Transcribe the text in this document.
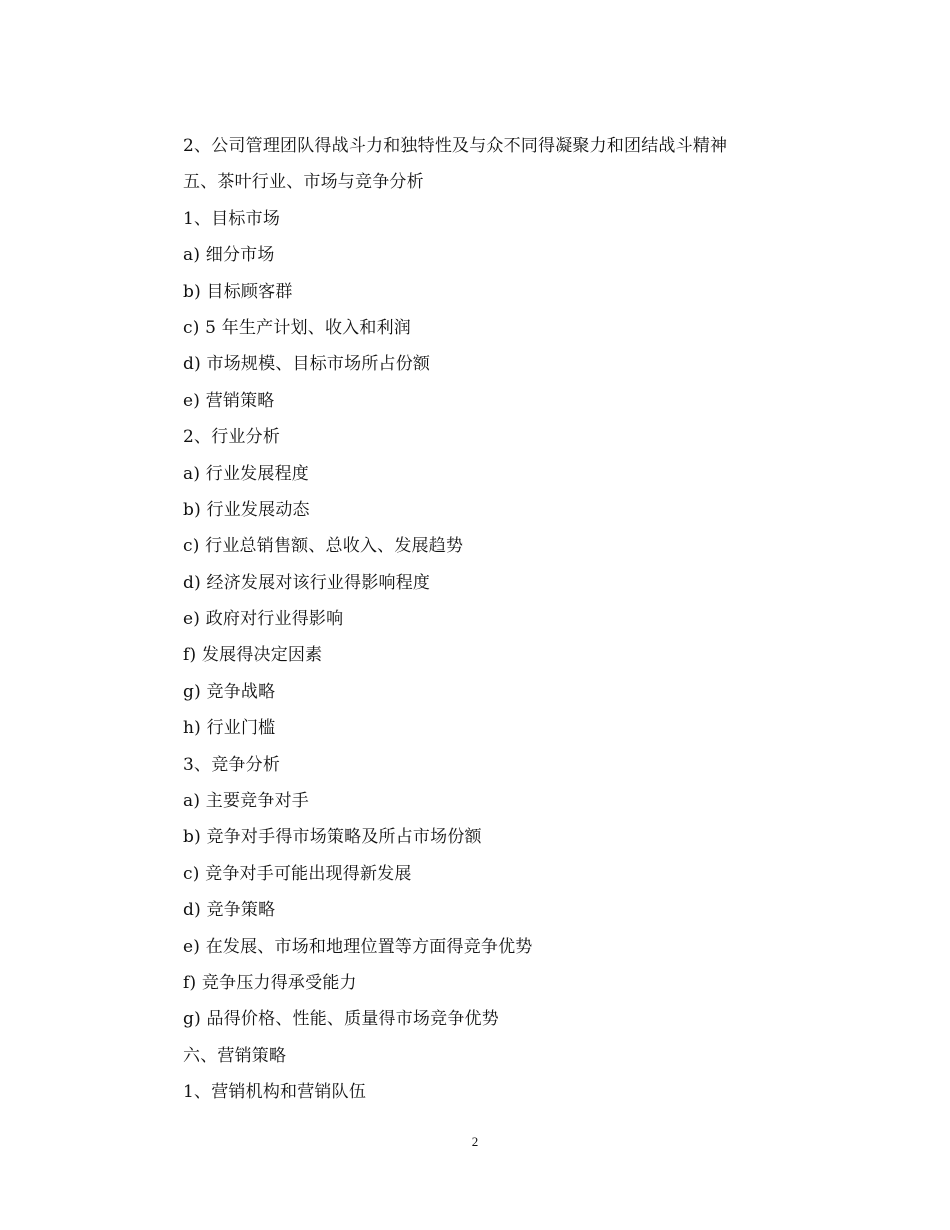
2、公司管理团队得战斗力和独特性及与众不同得凝聚力和团结战斗精神
五、茶叶行业、市场与竞争分析
1、目标市场
a) 细分市场
b) 目标顾客群
c) 5 年生产计划、收入和利润
d) 市场规模、目标市场所占份额
e) 营销策略
2、行业分析
a) 行业发展程度
b) 行业发展动态
c) 行业总销售额、总收入、发展趋势
d) 经济发展对该行业得影响程度
e) 政府对行业得影响
f) 发展得决定因素
g) 竞争战略
h) 行业门槛
3、竞争分析
a) 主要竞争对手
b) 竞争对手得市场策略及所占市场份额
c) 竞争对手可能出现得新发展
d) 竞争策略
e) 在发展、市场和地理位置等方面得竞争优势
f) 竞争压力得承受能力
g) 品得价格、性能、质量得市场竞争优势
六、营销策略
1、营销机构和营销队伍
2
